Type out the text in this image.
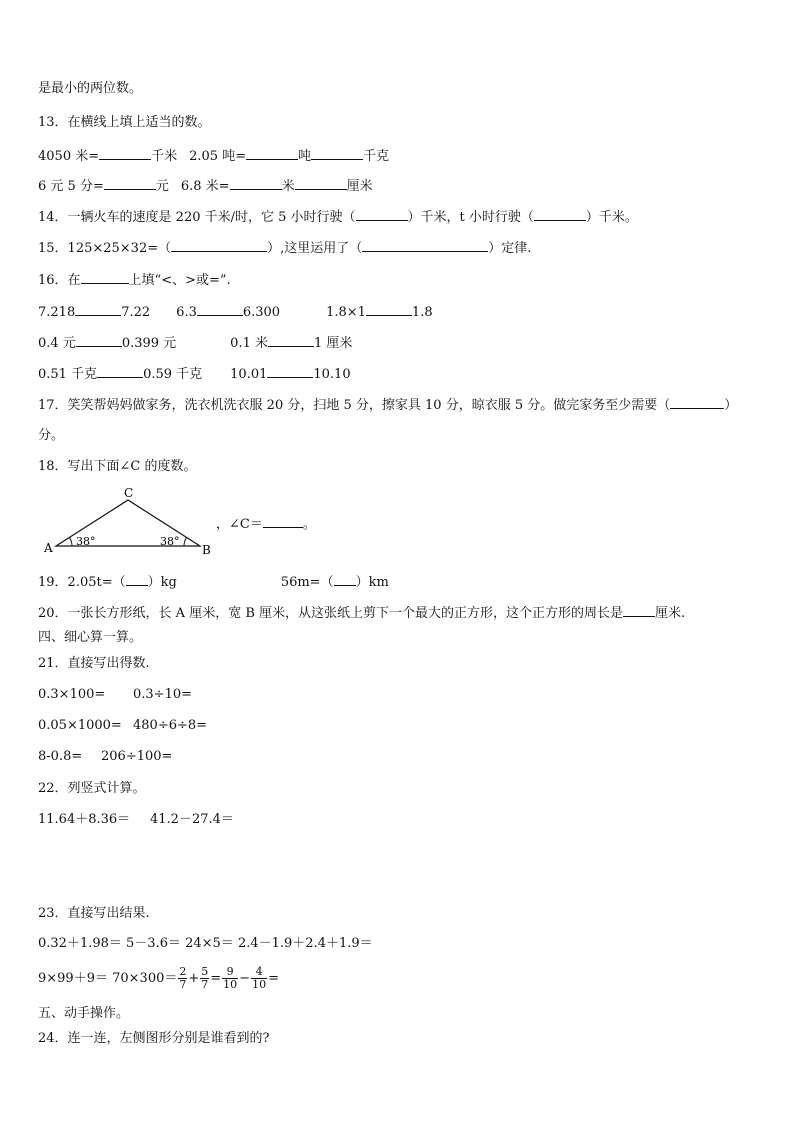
是最小的两位数。
13．在横线上填上适当的数。
4050 米=	千米 2.05 吨=	吨	千克
6 元 5 分=	元 6.8 米=	米	厘米
14．一辆火车的速度是 220 千米/时，它 5 小时行驶（	）千米，t 小时行驶（	）千米。
15．125×25×32=（	）,这里运用了（	）定律.
16．在	上填“<、>或=”.
7.218	7.22 6.3	6.300	1.8×1	1.8
0.4 元	0.399 元	0.1 米	1 厘米
0.51 千克	0.59 千克 10.01	10.10
17．笑笑帮妈妈做家务，洗衣机洗衣服 20 分，扫地 5 分，擦家具 10 分，晾衣服 5 分。做完家务至少需要（	）
分。
18．写出下面∠C 的度数。
C
A	B
38°	38°
，∠C＝	。
19．2.05t=（ ）kg	56m=（ ）km
20．一张长方形纸，长 A 厘米，宽 B 厘米，从这张纸上剪下一个最大的正方形，这个正方形的周长是 厘米.
四、细心算一算。
21．直接写出得数.
0.3×100= 0.3÷10=
0.05×1000= 480÷6÷8=
8-0.8= 206÷100=
22．列竖式计算。
11.64＋8.36＝ 41.2－27.4＝
23．直接写出结果.
0.32＋1.98＝ 5－3.6＝ 24×5＝ 2.4－1.9＋2.4＋1.9＝
$9\times 99+9= 70\times 300= \frac{2}{7} + \frac{5}{7} = \frac{9}{10} - \frac{4}{10}$ =
五、动手操作。
24．连一连，左侧图形分别是谁看到的?
